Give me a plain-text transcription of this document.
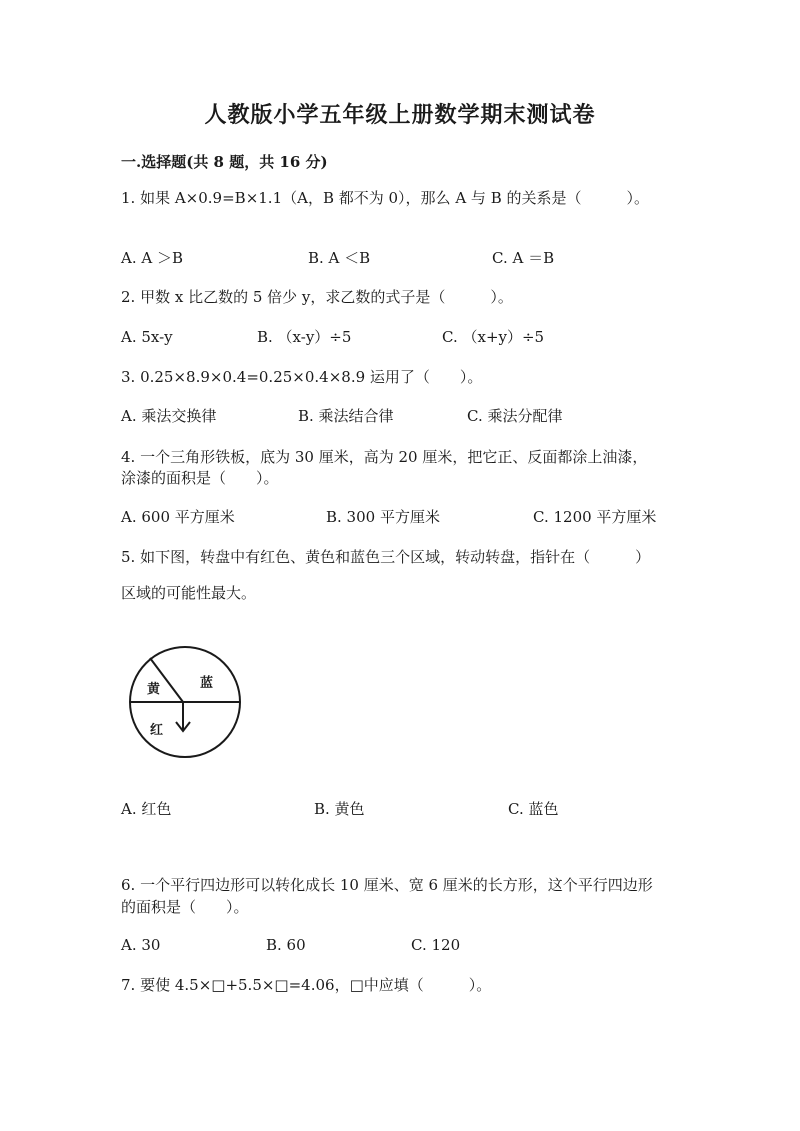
人教版小学五年级上册数学期末测试卷
一.选择题(共 8 题，共 16 分)
1. 如果 A×0.9=B×1.1（A，B 都不为 0），那么 A 与 B 的关系是（　　　）。
A. A ＞B	B. A ＜B	C. A ＝B
2. 甲数 x 比乙数的 5 倍少 y，求乙数的式子是（　　　）。
A. 5x-y	B. （x-y）÷5	C. （x+y）÷5
3. 0.25×8.9×0.4=0.25×0.4×8.9 运用了（　　）。
A. 乘法交换律	B. 乘法结合律	C. 乘法分配律
4. 一个三角形铁板，底为 30 厘米，高为 20 厘米，把它正、反面都涂上油漆，
涂漆的面积是（　　）。
A. 600 平方厘米	B. 300 平方厘米	C. 1200 平方厘米
5. 如下图，转盘中有红色、黄色和蓝色三个区域，转动转盘，指针在（　　　）
区域的可能性最大。
黄	蓝
红
A. 红色	B. 黄色	C. 蓝色
6. 一个平行四边形可以转化成长 10 厘米、宽 6 厘米的长方形，这个平行四边形
的面积是（　　）。
A. 30	B. 60	C. 120
7. 要使 4.5×□+5.5×□=4.06，□中应填（　　　）。
